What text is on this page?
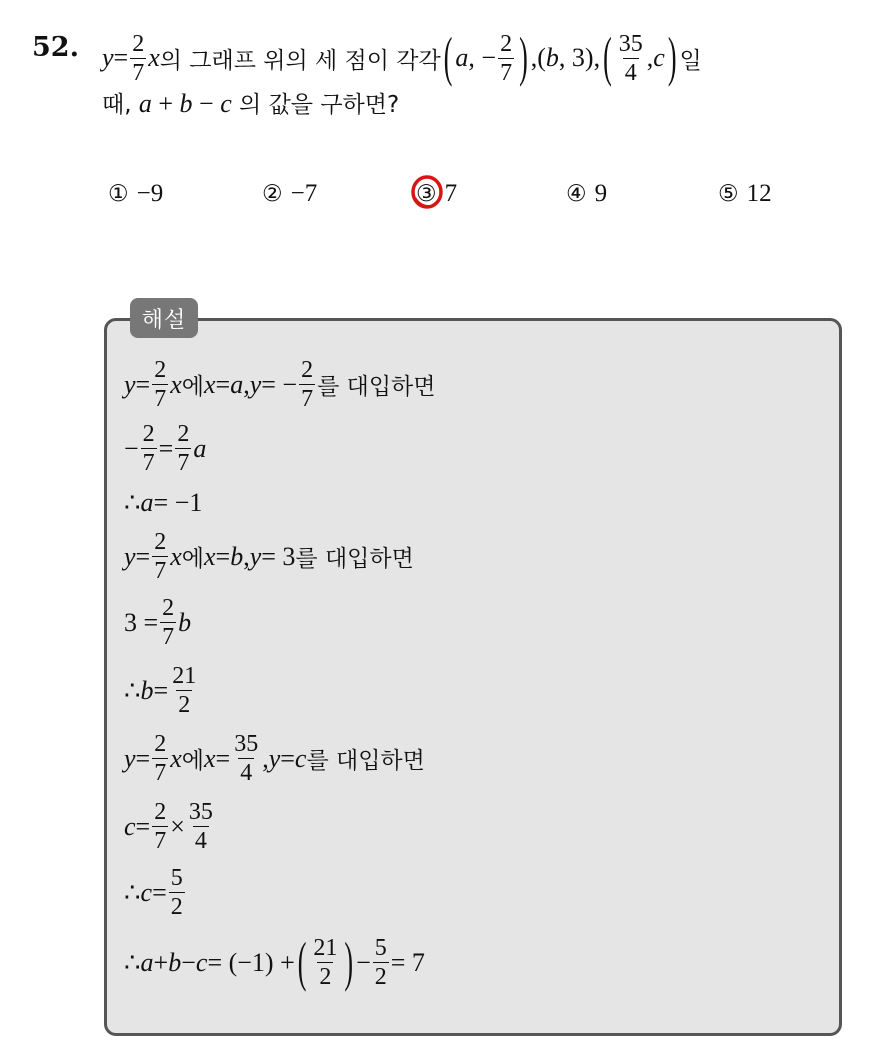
52. $y = \frac{2}{7}$ x 의 그래프 위의 세 점이 각각 ( a , − $\frac{2}{7}$ ) , ( b , 3 ) , ( $\frac{35}{4}$ , c ) 일
때, a + b − c 의 값을 구하면?
① −9	② −7	③ 7	④ 9	⑤ 12
해설
$y = \frac{2}{7}$ x 에 x = a , y = − $\frac{2}{7}$ 를 대입하면
− $\frac{2}{7} = \frac{2}{7}$ a
∴ a = −1
$y = \frac{2}{7}$ x 에 x = b , y = 3 를 대입하면
$3 = \frac{2}{7}$ b
∴ $b = \frac{21}{2}$
$y = \frac{2}{7}$ x 에 $x = \frac{35}{4}$ , y = c 를 대입하면
$c = \frac{2}{7} \times \frac{35}{4}$
∴ $c = \frac{5}{2}$
∴ a + b − c = (−1) + ( $\frac{21}{2}$ ) − $\frac{5}{2} = 7$
